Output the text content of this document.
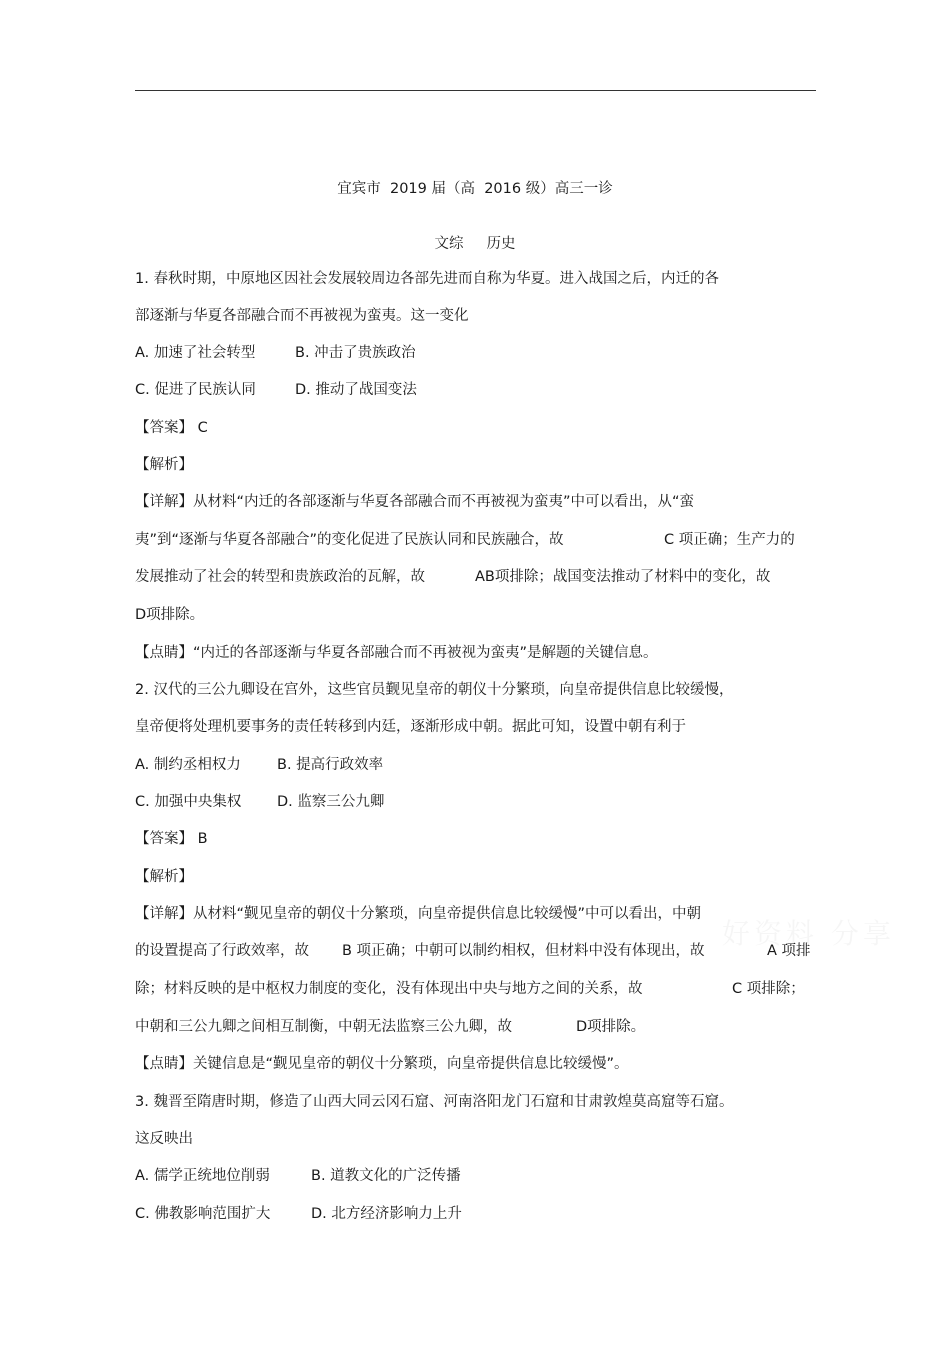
宜宾市  2019 届（高  2016 级）高三一诊
文综     历史
1. 春秋时期，中原地区因社会发展较周边各部先进而自称为华夏。进入战国之后，内迁的各
部逐渐与华夏各部融合而不再被视为蛮夷。这一变化
A. 加速了社会转型	B. 冲击了贵族政治
C. 促进了民族认同	D. 推动了战国变法
【答案】 C
【解析】
【详解】从材料“内迁的各部逐渐与华夏各部融合而不再被视为蛮夷”中可以看出，从“蛮
夷”到“逐渐与华夏各部融合”的变化促进了民族认同和民族融合，故	C 项正确；生产力的
发展推动了社会的转型和贵族政治的瓦解，故	AB项排除；战国变法推动了材料中的变化，故
D项排除。
【点睛】“内迁的各部逐渐与华夏各部融合而不再被视为蛮夷”是解题的关键信息。
2. 汉代的三公九卿设在宫外，这些官员觐见皇帝的朝仪十分繁琐，向皇帝提供信息比较缓慢，
皇帝便将处理机要事务的责任转移到内廷，逐渐形成中朝。据此可知，设置中朝有利于
A. 制约丞相权力 B. 提高行政效率
C. 加强中央集权 D. 监察三公九卿
【答案】 B
【解析】
【详解】从材料“觐见皇帝的朝仪十分繁琐，向皇帝提供信息比较缓慢”中可以看出，中朝
的设置提高了行政效率，故 B 项正确；中朝可以制约相权，但材料中没有体现出，故	A 项排
除；材料反映的是中枢权力制度的变化，没有体现出中央与地方之间的关系，故	C 项排除；
中朝和三公九卿之间相互制衡，中朝无法监察三公九卿，故	D项排除。
【点睛】关键信息是“觐见皇帝的朝仪十分繁琐，向皇帝提供信息比较缓慢”。
3. 魏晋至隋唐时期，修造了山西大同云冈石窟、河南洛阳龙门石窟和甘肃敦煌莫高窟等石窟。
这反映出
A. 儒学正统地位削弱	B. 道教文化的广泛传播
C. 佛教影响范围扩大	D. 北方经济影响力上升
